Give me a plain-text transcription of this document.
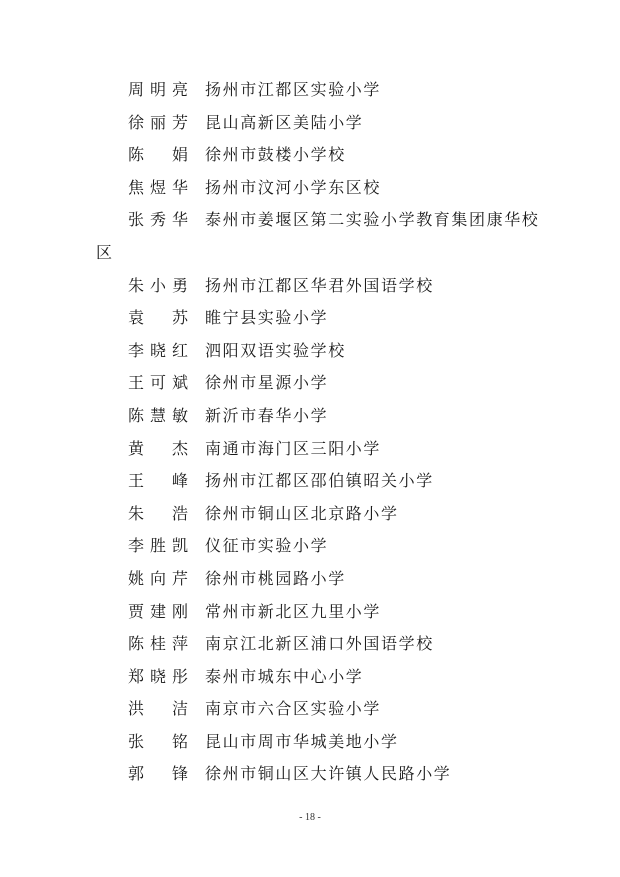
周明亮 扬州市江都区实验小学
徐丽芳 昆山高新区美陆小学
陈娟 徐州市鼓楼小学校
焦煜华 扬州市汶河小学东区校
张秀华 泰州市姜堰区第二实验小学教育集团康华校
区
朱小勇 扬州市江都区华君外国语学校
袁苏 睢宁县实验小学
李晓红 泗阳双语实验学校
王可斌 徐州市星源小学
陈慧敏 新沂市春华小学
黄杰 南通市海门区三阳小学
王峰 扬州市江都区邵伯镇昭关小学
朱浩 徐州市铜山区北京路小学
李胜凯 仪征市实验小学
姚向芹 徐州市桃园路小学
贾建刚 常州市新北区九里小学
陈桂萍 南京江北新区浦口外国语学校
郑晓彤 泰州市城东中心小学
洪洁 南京市六合区实验小学
张铭 昆山市周市华城美地小学
郭锋 徐州市铜山区大许镇人民路小学
- 18 -
